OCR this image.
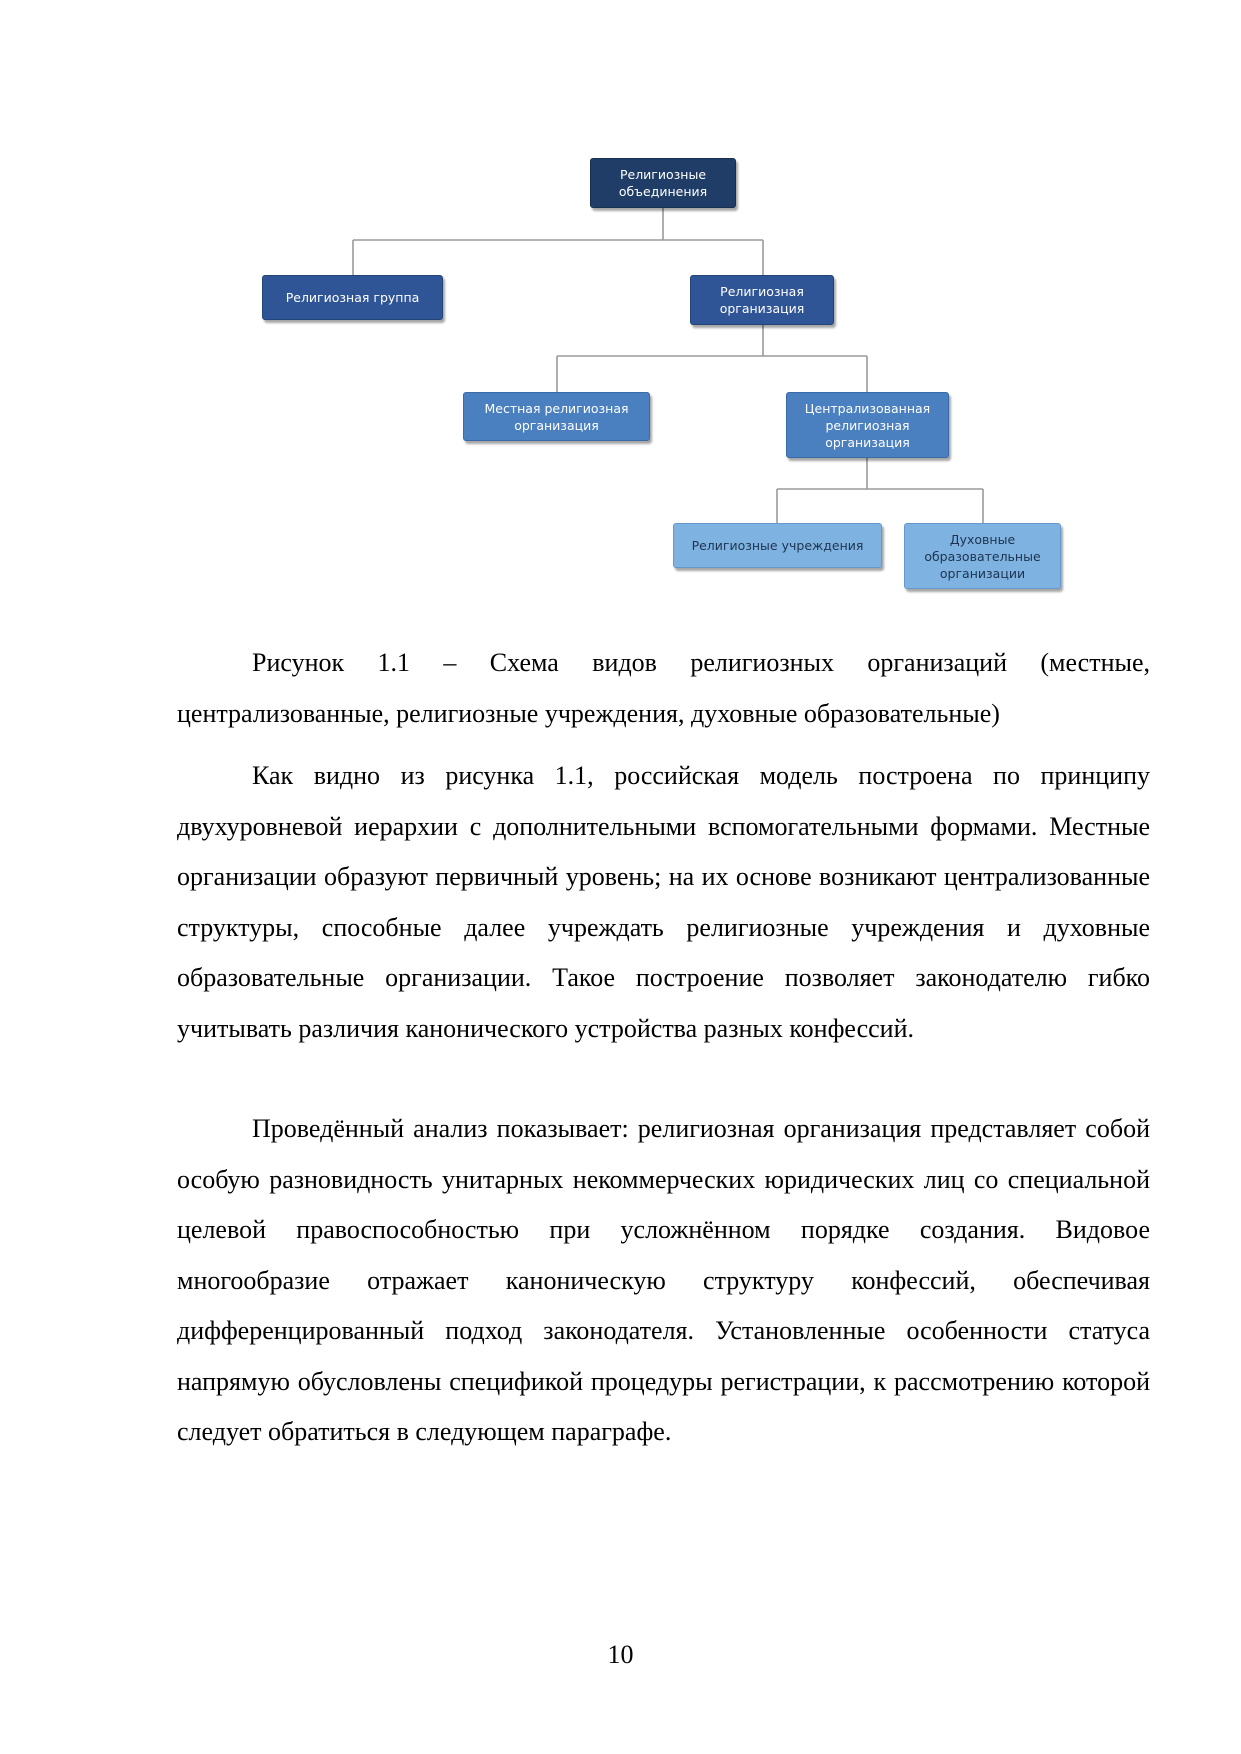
Религиозные объединения
Религиозная группа	Религиозная организация
Местная религиозная организация
Централизованная религиозная организация
Религиозные учреждения	Духовные образовательные организации

Рисунок 1.1 – Схема видов религиозных организаций (местные, централизованные, религиозные учреждения, духовные образовательные)

Как видно из рисунка 1.1, российская модель построена по принципу двухуровневой иерархии с дополнительными вспомогательными формами. Местные организации образуют первичный уровень; на их основе возникают централизованные структуры, способные далее учреждать религиозные учреждения и духовные образовательные организации. Такое построение позволяет законодателю гибко учитывать различия канонического устройства разных конфессий.

Проведённый анализ показывает: религиозная организация представляет собой особую разновидность унитарных некоммерческих юридических лиц со специальной целевой правоспособностью при усложнённом порядке создания. Видовое многообразие отражает каноническую структуру конфессий, обеспечивая дифференцированный подход законодателя. Установленные особенности статуса напрямую обусловлены спецификой процедуры регистрации, к рассмотрению которой следует обратиться в следующем параграфе.

10
